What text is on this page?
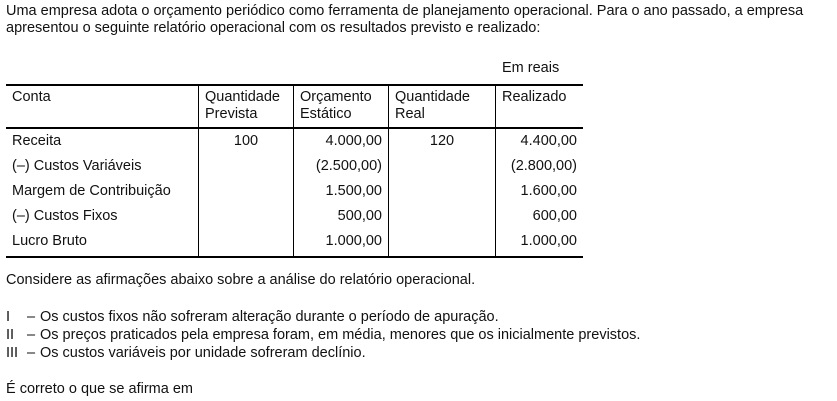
Uma empresa adota o orçamento periódico como ferramenta de planejamento operacional. Para o ano passado, a empresa apresentou o seguinte relatório operacional com os resultados previsto e realizado:

Em reais
Conta	Quantidade Prevista	Orçamento Estático	Quantidade Real	Realizado
Receita	100	4.000,00	120	4.400,00
(–) Custos Variáveis		(2.500,00)		(2.800,00)
Margem de Contribuição		1.500,00		1.600,00
(–) Custos Fixos		500,00		600,00
Lucro Bruto		1.000,00		1.000,00
Considere as afirmações abaixo sobre a análise do relatório operacional.
I – Os custos fixos não sofreram alteração durante o período de apuração.
II – Os preços praticados pela empresa foram, em média, menores que os inicialmente previstos.
III – Os custos variáveis por unidade sofreram declínio.
É correto o que se afirma em
